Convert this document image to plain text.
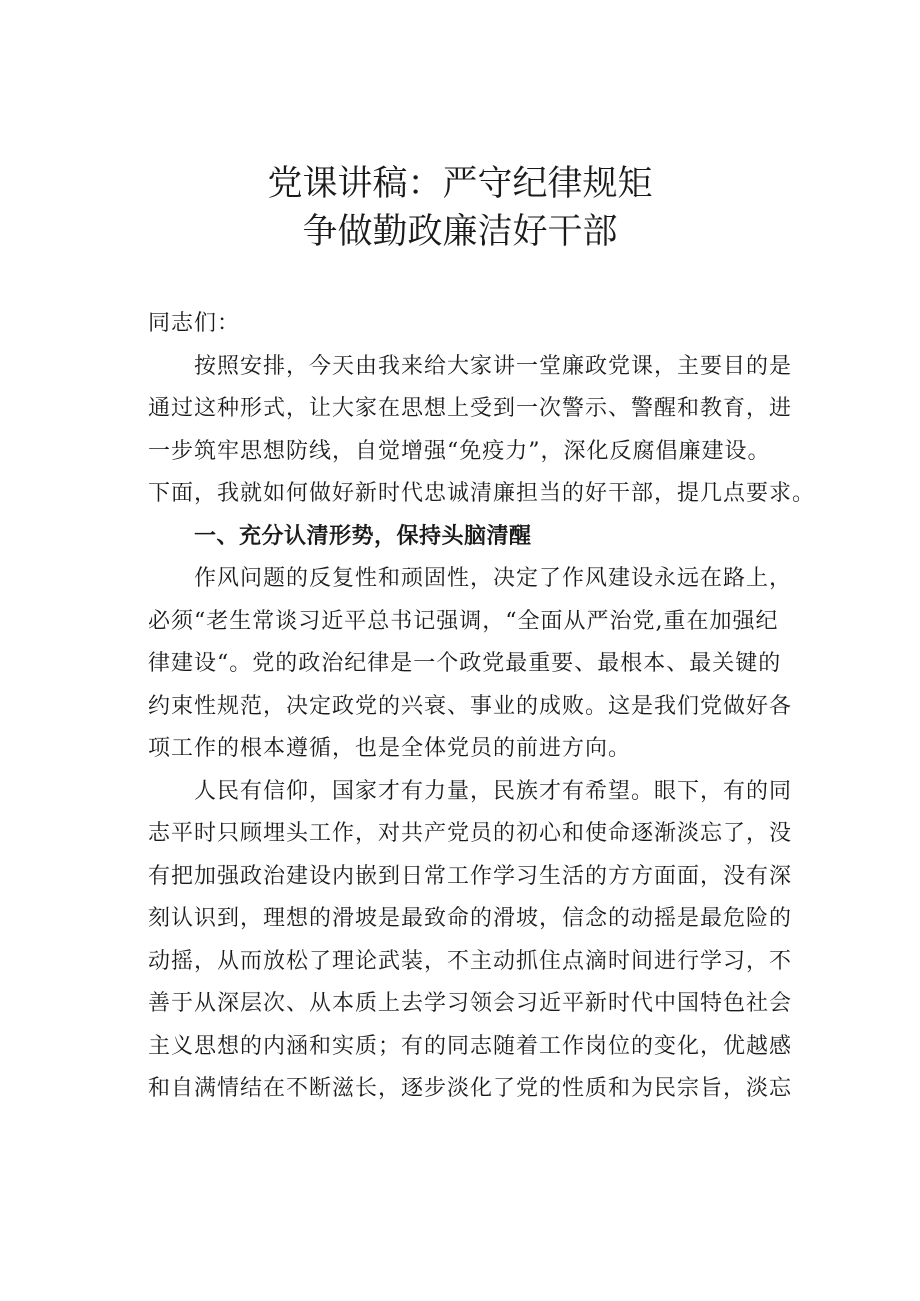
党课讲稿：严守纪律规矩
争做勤政廉洁好干部
同志们：
按照安排，今天由我来给大家讲一堂廉政党课，主要目的是
通过这种形式，让大家在思想上受到一次警示、警醒和教育，进
一步筑牢思想防线，自觉增强“免疫力”，深化反腐倡廉建设。
下面，我就如何做好新时代忠诚清廉担当的好干部，提几点要求。
一、充分认清形势，保持头脑清醒
作风问题的反复性和顽固性，决定了作风建设永远在路上，
必须“老生常谈习近平总书记强调，“全面从严治党,重在加强纪
律建设“。党的政治纪律是一个政党最重要、最根本、最关键的
约束性规范，决定政党的兴衰、事业的成败。这是我们党做好各
项工作的根本遵循，也是全体党员的前进方向。
人民有信仰，国家才有力量，民族才有希望。眼下，有的同
志平时只顾埋头工作，对共产党员的初心和使命逐渐淡忘了，没
有把加强政治建设内嵌到日常工作学习生活的方方面面，没有深
刻认识到，理想的滑坡是最致命的滑坡，信念的动摇是最危险的
动摇，从而放松了理论武装，不主动抓住点滴时间进行学习，不
善于从深层次、从本质上去学习领会习近平新时代中国特色社会
主义思想的内涵和实质；有的同志随着工作岗位的变化，优越感
和自满情结在不断滋长，逐步淡化了党的性质和为民宗旨，淡忘
